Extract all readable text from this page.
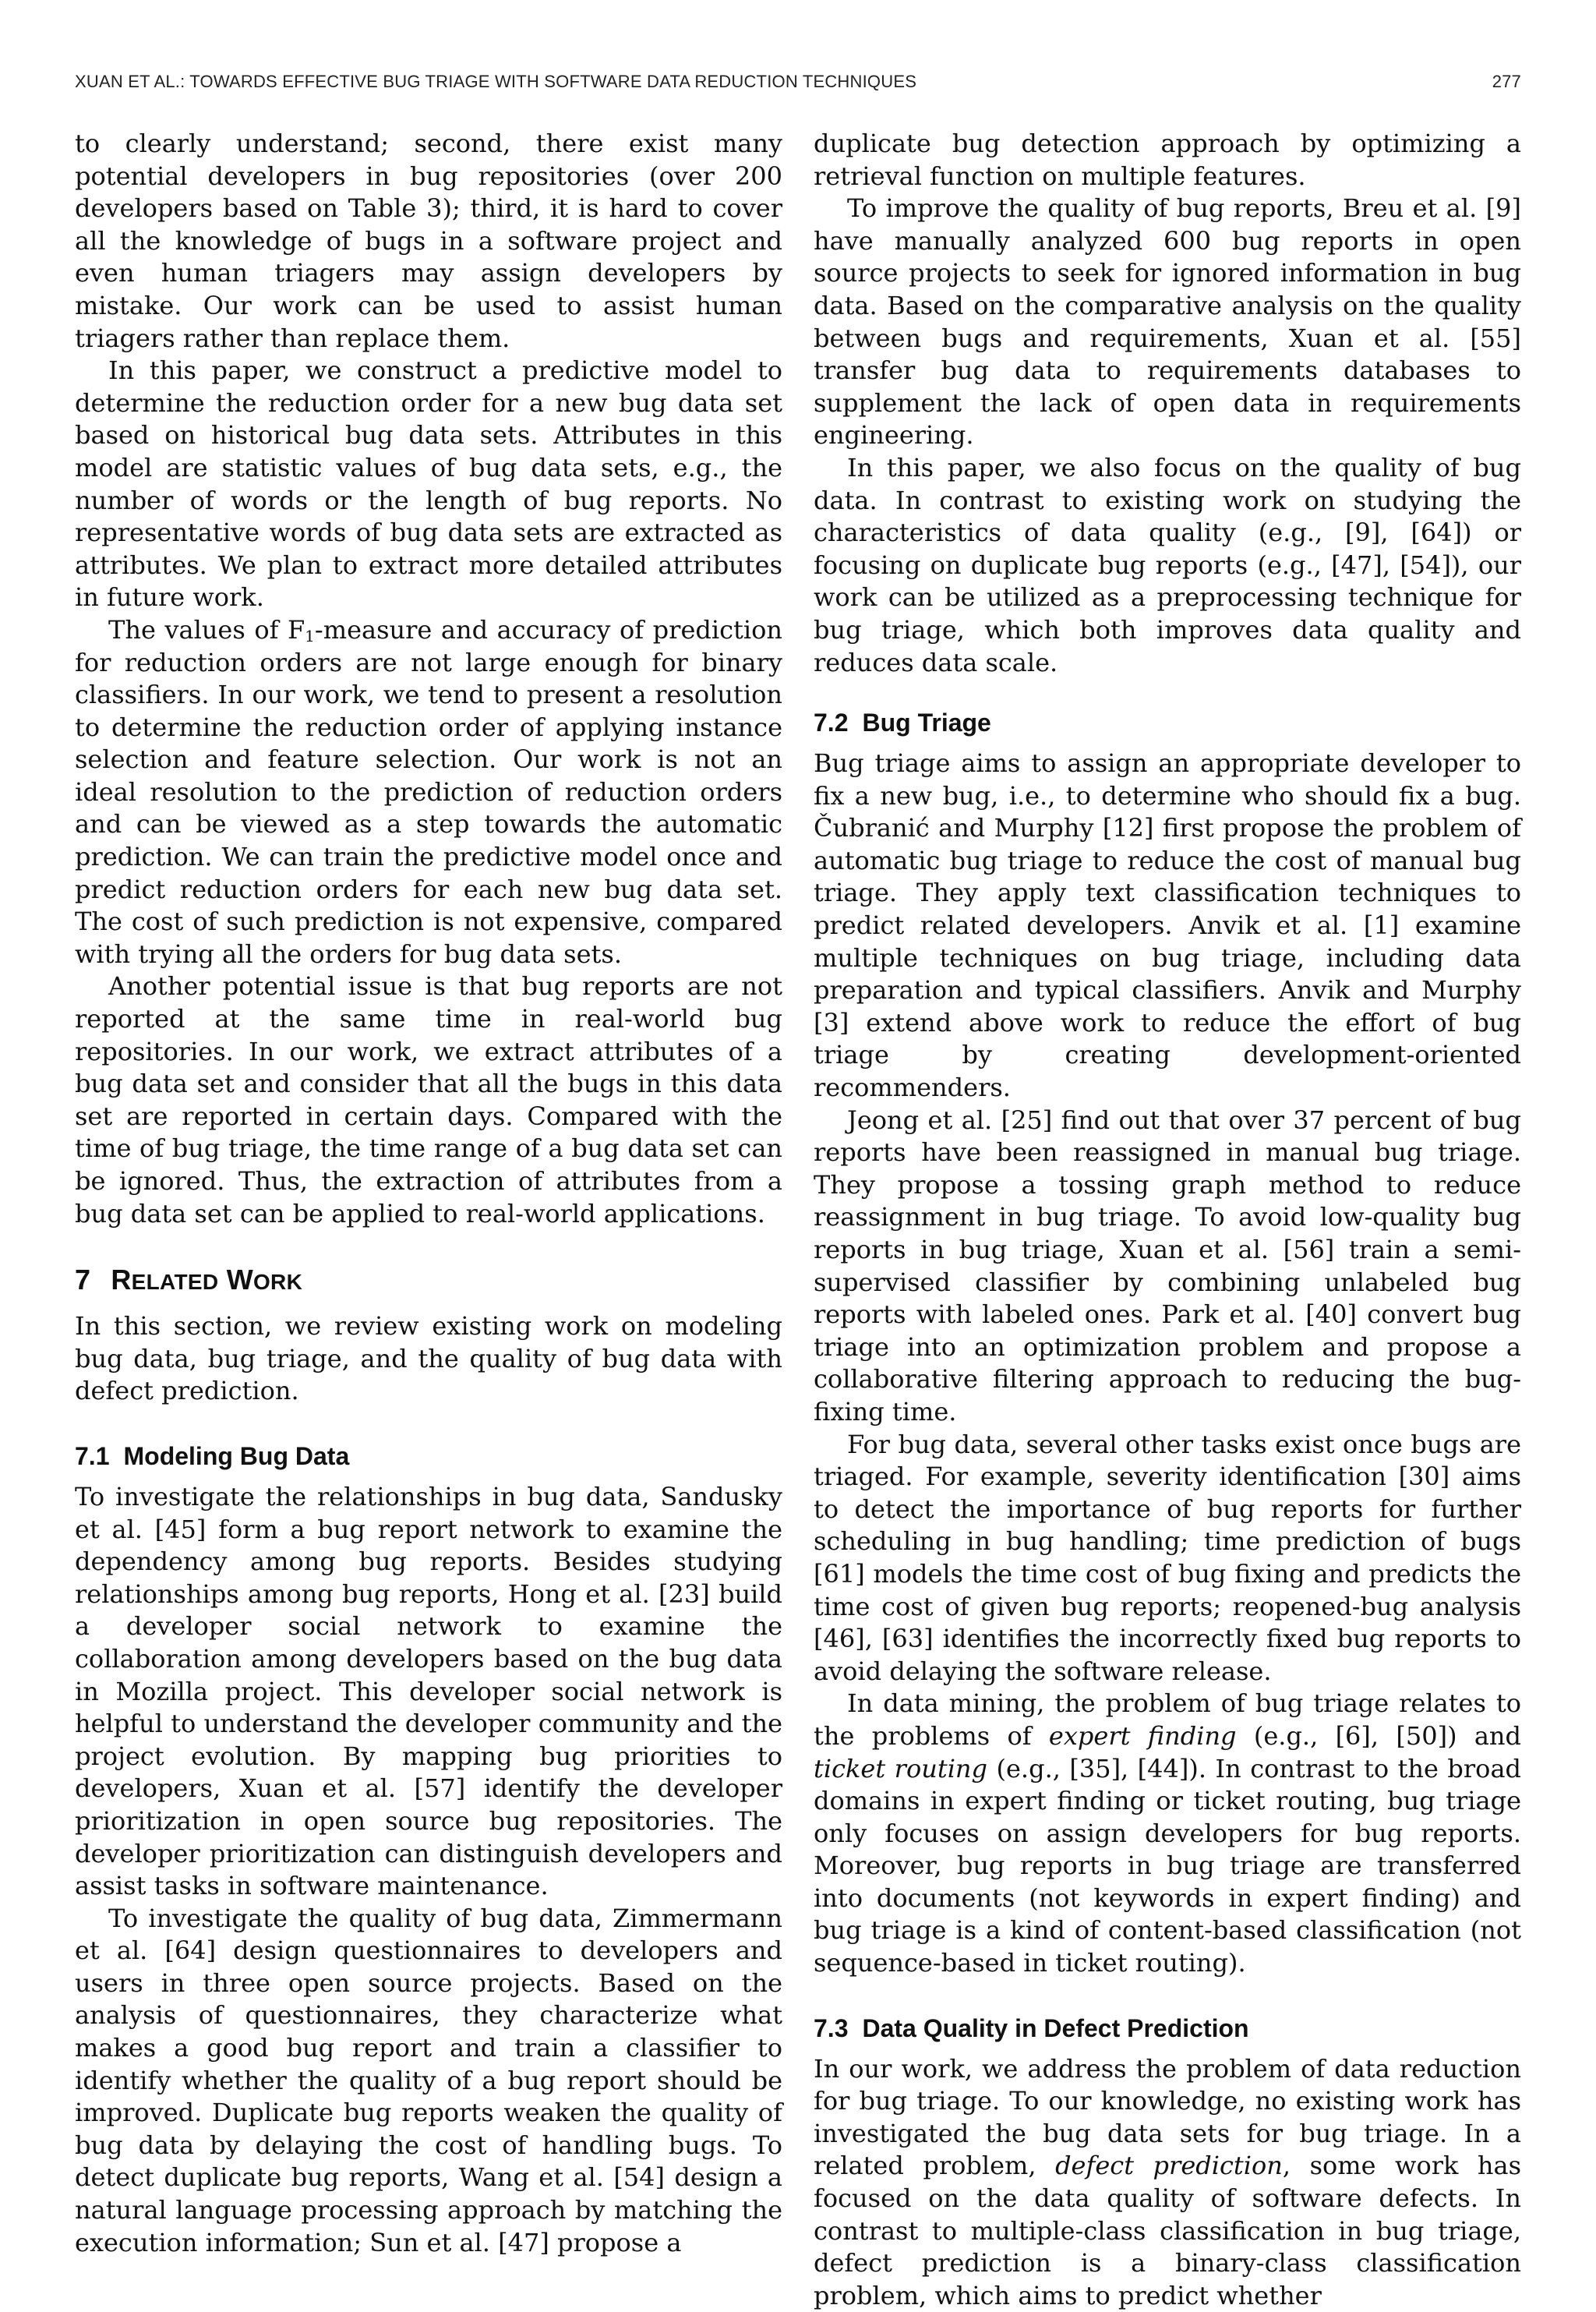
XUAN ET AL.: TOWARDS EFFECTIVE BUG TRIAGE WITH SOFTWARE DATA REDUCTION TECHNIQUES	277

to clearly understand; second, there exist many potential developers in bug repositories (over 200 developers based on Table 3); third, it is hard to cover all the knowledge of bugs in a software project and even human triagers may assign developers by mistake. Our work can be used to assist human triagers rather than replace them.

In this paper, we construct a predictive model to determine the reduction order for a new bug data set based on historical bug data sets. Attributes in this model are statistic values of bug data sets, e.g., the number of words or the length of bug reports. No representative words of bug data sets are extracted as attributes. We plan to extract more detailed attributes in future work.

The values of $F_1$-measure and accuracy of prediction for reduction orders are not large enough for binary classifiers. In our work, we tend to present a resolution to determine the reduction order of applying instance selection and feature selection. Our work is not an ideal resolution to the prediction of reduction orders and can be viewed as a step towards the automatic prediction. We can train the predictive model once and predict reduction orders for each new bug data set. The cost of such prediction is not expensive, compared with trying all the orders for bug data sets.

Another potential issue is that bug reports are not reported at the same time in real-world bug repositories. In our work, we extract attributes of a bug data set and consider that all the bugs in this data set are reported in certain days. Compared with the time of bug triage, the time range of a bug data set can be ignored. Thus, the extraction of attributes from a bug data set can be applied to real-world applications.

7 RELATED WORK

In this section, we review existing work on modeling bug data, bug triage, and the quality of bug data with defect prediction.

7.1 Modeling Bug Data

To investigate the relationships in bug data, Sandusky et al. [45] form a bug report network to examine the dependency among bug reports. Besides studying relationships among bug reports, Hong et al. [23] build a developer social network to examine the collaboration among developers based on the bug data in Mozilla project. This developer social network is helpful to understand the developer community and the project evolution. By mapping bug priorities to developers, Xuan et al. [57] identify the developer prioritization in open source bug repositories. The developer prioritization can distinguish developers and assist tasks in software maintenance.

To investigate the quality of bug data, Zimmermann et al. [64] design questionnaires to developers and users in three open source projects. Based on the analysis of questionnaires, they characterize what makes a good bug report and train a classifier to identify whether the quality of a bug report should be improved. Duplicate bug reports weaken the quality of bug data by delaying the cost of handling bugs. To detect duplicate bug reports, Wang et al. [54] design a natural language processing approach by matching the execution information; Sun et al. [47] propose a

duplicate bug detection approach by optimizing a retrieval function on multiple features.

To improve the quality of bug reports, Breu et al. [9] have manually analyzed 600 bug reports in open source projects to seek for ignored information in bug data. Based on the comparative analysis on the quality between bugs and requirements, Xuan et al. [55] transfer bug data to requirements databases to supplement the lack of open data in requirements engineering.

In this paper, we also focus on the quality of bug data. In contrast to existing work on studying the characteristics of data quality (e.g., [9], [64]) or focusing on duplicate bug reports (e.g., [47], [54]), our work can be utilized as a preprocessing technique for bug triage, which both improves data quality and reduces data scale.

7.2 Bug Triage

Bug triage aims to assign an appropriate developer to fix a new bug, i.e., to determine who should fix a bug. Čubranić and Murphy [12] first propose the problem of automatic bug triage to reduce the cost of manual bug triage. They apply text classification techniques to predict related developers. Anvik et al. [1] examine multiple techniques on bug triage, including data preparation and typical classifiers. Anvik and Murphy [3] extend above work to reduce the effort of bug triage by creating development-oriented recommenders.

Jeong et al. [25] find out that over 37 percent of bug reports have been reassigned in manual bug triage. They propose a tossing graph method to reduce reassignment in bug triage. To avoid low-quality bug reports in bug triage, Xuan et al. [56] train a semi-supervised classifier by combining unlabeled bug reports with labeled ones. Park et al. [40] convert bug triage into an optimization problem and propose a collaborative filtering approach to reducing the bug-fixing time.

For bug data, several other tasks exist once bugs are triaged. For example, severity identification [30] aims to detect the importance of bug reports for further scheduling in bug handling; time prediction of bugs [61] models the time cost of bug fixing and predicts the time cost of given bug reports; reopened-bug analysis [46], [63] identifies the incorrectly fixed bug reports to avoid delaying the software release.

In data mining, the problem of bug triage relates to the problems of expert finding (e.g., [6], [50]) and ticket routing (e.g., [35], [44]). In contrast to the broad domains in expert finding or ticket routing, bug triage only focuses on assign developers for bug reports. Moreover, bug reports in bug triage are transferred into documents (not keywords in expert finding) and bug triage is a kind of content-based classification (not sequence-based in ticket routing).

7.3 Data Quality in Defect Prediction

In our work, we address the problem of data reduction for bug triage. To our knowledge, no existing work has investigated the bug data sets for bug triage. In a related problem, defect prediction, some work has focused on the data quality of software defects. In contrast to multiple-class classification in bug triage, defect prediction is a binary-class classification problem, which aims to predict whether
